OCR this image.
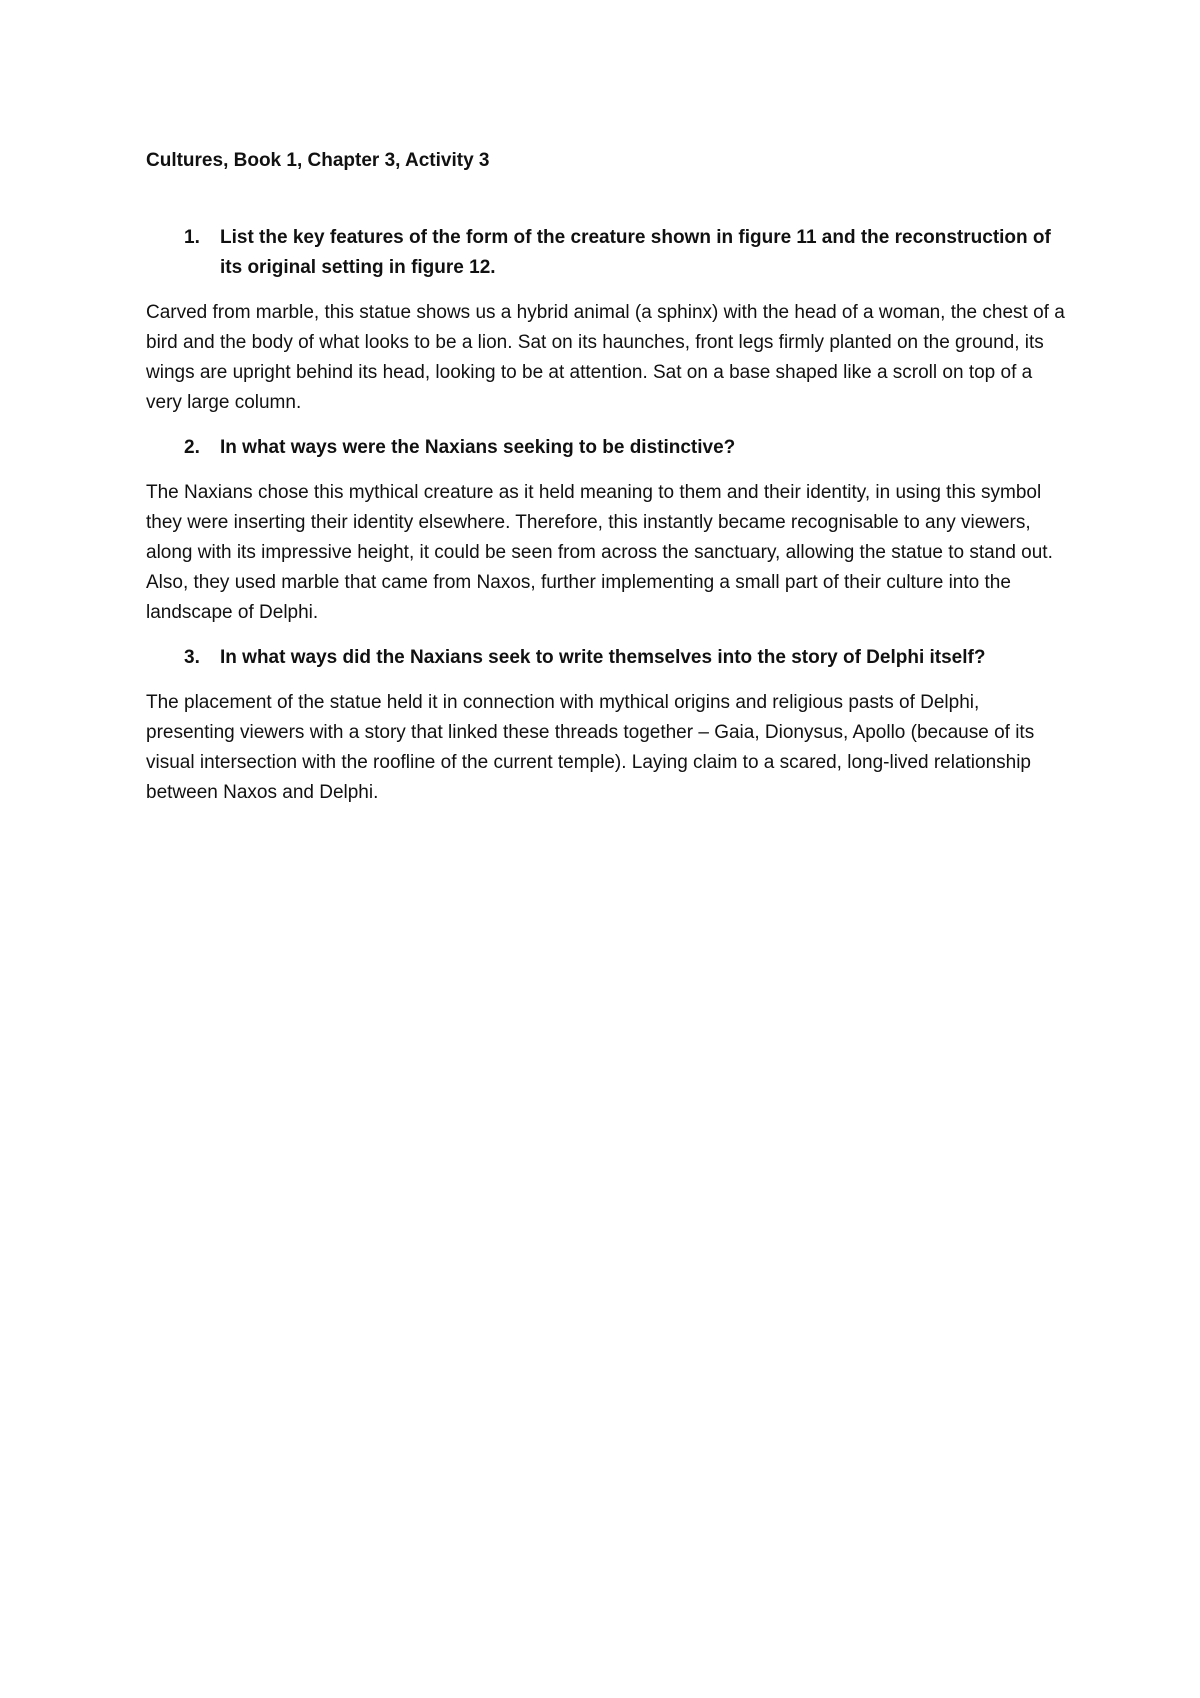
Cultures, Book 1, Chapter 3, Activity 3
1.	List the key features of the form of the creature shown in figure 11 and the reconstruction of its original setting in figure 12.

Carved from marble, this statue shows us a hybrid animal (a sphinx) with the head of a woman, the chest of a bird and the body of what looks to be a lion. Sat on its haunches, front legs firmly planted on the ground, its wings are upright behind its head, looking to be at attention. Sat on a base shaped like a scroll on top of a very large column.

2.	In what ways were the Naxians seeking to be distinctive?

The Naxians chose this mythical creature as it held meaning to them and their identity, in using this symbol they were inserting their identity elsewhere. Therefore, this instantly became recognisable to any viewers, along with its impressive height, it could be seen from across the sanctuary, allowing the statue to stand out. Also, they used marble that came from Naxos, further implementing a small part of their culture into the landscape of Delphi.

3.	In what ways did the Naxians seek to write themselves into the story of Delphi itself?

The placement of the statue held it in connection with mythical origins and religious pasts of Delphi, presenting viewers with a story that linked these threads together – Gaia, Dionysus, Apollo (because of its visual intersection with the roofline of the current temple). Laying claim to a scared, long-lived relationship between Naxos and Delphi.
